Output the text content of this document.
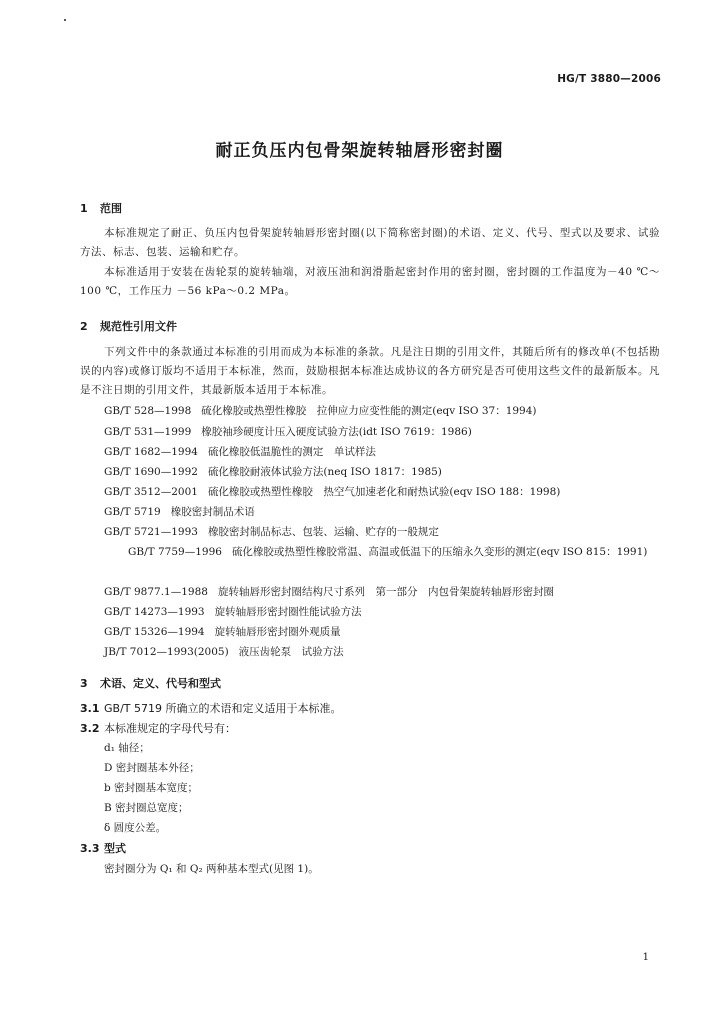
HG/T 3880—2006
耐正负压内包骨架旋转轴唇形密封圈
1 范围
本标准规定了耐正、负压内包骨架旋转轴唇形密封圈(以下简称密封圈)的术语、定义、代号、型式以及要求、试验方法、标志、包装、运输和贮存。
本标准适用于安装在齿轮泵的旋转轴端，对液压油和润滑脂起密封作用的密封圈，密封圈的工作温度为－40 ℃～100 ℃，工作压力 －56 kPa～0.2 MPa。
2 规范性引用文件
下列文件中的条款通过本标准的引用而成为本标准的条款。凡是注日期的引用文件，其随后所有的修改单(不包括勘误的内容)或修订版均不适用于本标准，然而，鼓励根据本标准达成协议的各方研究是否可使用这些文件的最新版本。凡是不注日期的引用文件，其最新版本适用于本标准。
GB/T 528—1998 硫化橡胶或热塑性橡胶　拉伸应力应变性能的测定(eqv ISO 37：1994)
GB/T 531—1999 橡胶袖珍硬度计压入硬度试验方法(idt ISO 7619：1986)
GB/T 1682—1994 硫化橡胶低温脆性的测定　单试样法
GB/T 1690—1992 硫化橡胶耐液体试验方法(neq ISO 1817：1985)
GB/T 3512—2001 硫化橡胶或热塑性橡胶　热空气加速老化和耐热试验(eqv ISO 188：1998)
GB/T 5719 橡胶密封制品术语
GB/T 5721—1993 橡胶密封制品标志、包装、运输、贮存的一般规定
GB/T 7759—1996 硫化橡胶或热塑性橡胶常温、高温或低温下的压缩永久变形的测定(eqv ISO 815：1991)
GB/T 9877.1—1988 旋转轴唇形密封圈结构尺寸系列　第一部分　内包骨架旋转轴唇形密封圈
GB/T 14273—1993 旋转轴唇形密封圈性能试验方法
GB/T 15326—1994 旋转轴唇形密封圈外观质量
JB/T 7012—1993(2005) 液压齿轮泵　试验方法
3 术语、定义、代号和型式
3.1 GB/T 5719 所确立的术语和定义适用于本标准。
3.2 本标准规定的字母代号有：
d₁ 轴径；
D 密封圈基本外径；
b 密封圈基本宽度；
B 密封圈总宽度；
δ 圆度公差。
3.3 型式
密封圈分为 Q₁ 和 Q₂ 两种基本型式(见图 1)。
1
